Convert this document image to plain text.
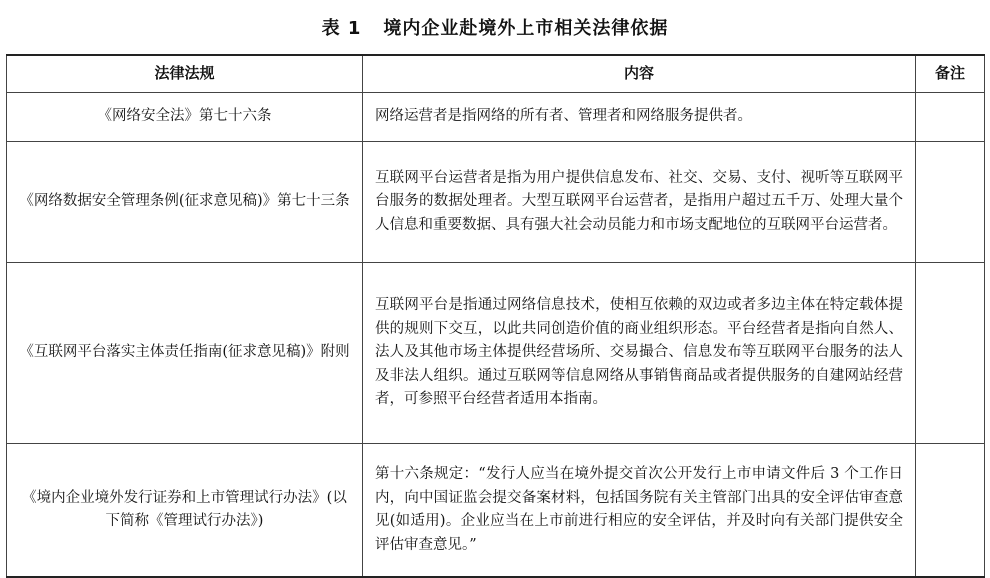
表 1 境内企业赴境外上市相关法律依据
法律法规	内容	备注
《网络安全法》第七十六条	网络运营者是指网络的所有者、管理者和网络服务提供者。	
《网络数据安全管理条例(征求意见稿)》第七十三条	互联网平台运营者是指为用户提供信息发布、社交、交易、支付、视听等互联网平台服务的数据处理者。大型互联网平台运营者，是指用户超过五千万、处理大量个人信息和重要数据、具有强大社会动员能力和市场支配地位的互联网平台运营者。	
《互联网平台落实主体责任指南(征求意见稿)》附则	互联网平台是指通过网络信息技术，使相互依赖的双边或者多边主体在特定载体提供的规则下交互，以此共同创造价值的商业组织形态。平台经营者是指向自然人、法人及其他市场主体提供经营场所、交易撮合、信息发布等互联网平台服务的法人及非法人组织。通过互联网等信息网络从事销售商品或者提供服务的自建网站经营者，可参照平台经营者适用本指南。	
《境内企业境外发行证券和上市管理试行办法》(以下简称《管理试行办法》)	第十六条规定：“发行人应当在境外提交首次公开发行上市申请文件后 3 个工作日内，向中国证监会提交备案材料，包括国务院有关主管部门出具的安全评估审查意见(如适用)。企业应当在上市前进行相应的安全评估，并及时向有关部门提供安全评估审查意见。”	
